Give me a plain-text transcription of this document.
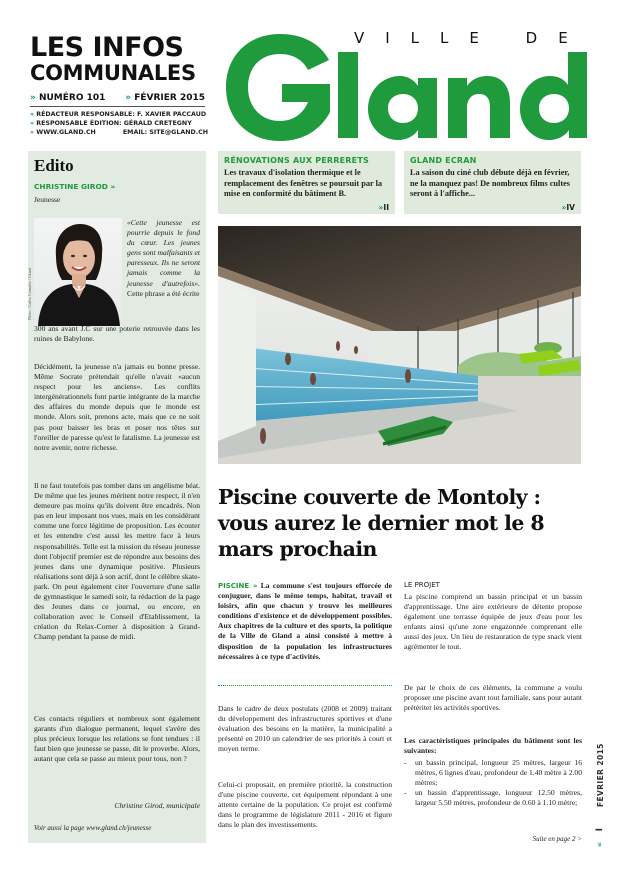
LES INFOS
COMMUNALES
» NUMÉRO 101 » FÉVRIER 2015
» RÉDACTEUR RESPONSABLE: F. XAVIER PACCAUD
» RESPONSABLE ÉDITION: GÉRALD CRETEGNY
» WWW.GLAND.CH	EMAIL: SITE@GLAND.CH
VILLE DE
RÉNOVATIONS AUX PERRERETS
Les travaux d'isolation thermique et le remplacement des fenêtres se poursuit par la mise en conformité du bâtiment B.
»II
GLAND ECRAN
La saison du ciné club débute déjà en février, ne la manquez pas! De nombreux films cultes seront à l'affiche...
»IV
Edito
CHRISTINE GIROD »
Jeunesse
Photo : Carlos Gonzalez / Gland
«Cette jeunesse est pourrie depuis le fond du cœur. Les jeunes gens sont malfaisants et paresseux. Ils ne seront jamais comme la jeunesse d'autrefois». Cette phrase a été écrite
300 ans avant J.C sur une poterie retrouvée dans les ruines de Babylone.
Décidément, la jeunesse n'a jamais eu bonne presse. Même Socrate prétendait qu'elle n'avait «aucun respect pour les anciens». Les conflits intergénérationnels font partie intégrante de la marche des affaires du monde depuis que le monde est monde. Alors soit, prenons acte, mais que ce ne soit pas pour baisser les bras et poser nos têtes sur l'oreiller de paresse qu'est le fatalisme. La jeunesse est notre avenir, notre richesse.
Il ne faut toutefois pas tomber dans un angélisme béat. De même que les jeunes méritent notre respect, il n'en demeure pas moins qu'ils doivent être encadrés. Non pas en leur imposant nos vues, mais en les considérant comme une force légitime de proposition. Les écouter et les entendre c'est aussi les mettre face à leurs responsabilités. Telle est la mission du réseau jeunesse dont l'objectif premier est de répondre aux besoins des jeunes dans une dynamique positive. Plusieurs réalisations sont déjà à son actif, dont le célèbre skate-park. On peut également citer l'ouverture d'une salle de gymnastique le samedi soir, la rédaction de la page des Jeunes dans ce journal, ou encore, en collaboration avec le Conseil d'Etablissement, la création du Relax-Corner à disposition à Grand-Champ pendant la pause de midi.
Ces contacts réguliers et nombreux sont également garants d'un dialogue permanent, lequel s'avère des plus précieux lorsque les relations se font tendues : il faut bien que jeunesse se passe, dit le proverbe. Alors, autant que cela se passe au mieux pour tous, non ?
Christine Girod, municipale
Voir aussi la page www.gland.ch/jeunesse
Piscine couverte de Montoly : vous aurez le dernier mot le 8 mars prochain
PISCINE » La commune s'est toujours efforcée de conjuguer, dans le même temps, habitat, travail et loisirs, afin que chacun y trouve les meilleures conditions d'existence et de développement possibles. Aux chapitres de la culture et des sports, la politique de la Ville de Gland a ainsi consisté à mettre à disposition de la population les infrastructures nécessaires à ce type d'activités.
Dans le cadre de deux postulats (2008 et 2009) traitant du développement des infrastructures sportives et d'une évaluation des besoins en la matière, la municipalité a présenté en 2010 un calendrier de ses priorités à court et moyen terme.
Celui-ci proposait, en première priorité, la construction d'une piscine couverte, cet équipement répondant à une attente certaine de la population. Ce projet est confirmé dans le programme de législature 2011 - 2016 et figure dans le plan des investissements.
LE PROJET
La piscine comprend un bassin principal et un bassin d'apprentissage. Une aire extérieure de détente propose également une terrasse équipée de jeux d'eau pour les enfants ainsi qu'une zone engazonnée comprenant elle aussi des jeux. Un lieu de restauration de type snack vient agrémenter le tout.
De par le choix de ces éléments, la commune a voulu proposer une piscine avant tout familiale, sans pour autant prétériter les activités sportives.
Les caractéristiques principales du bâtiment sont les suivantes:
-	un bassin principal, longueur 25 mètres, largeur 16 mètres, 6 lignes d'eau, profondeur de 1.40 mètre à 2.00 mètres;
-	un bassin d'apprentissage, longueur 12.50 mètres, largeur 5.50 mètres, profondeur de 0.60 à 1.10 mètre;
Suite en page 2 >
FÉVRIER 2015
I
«
